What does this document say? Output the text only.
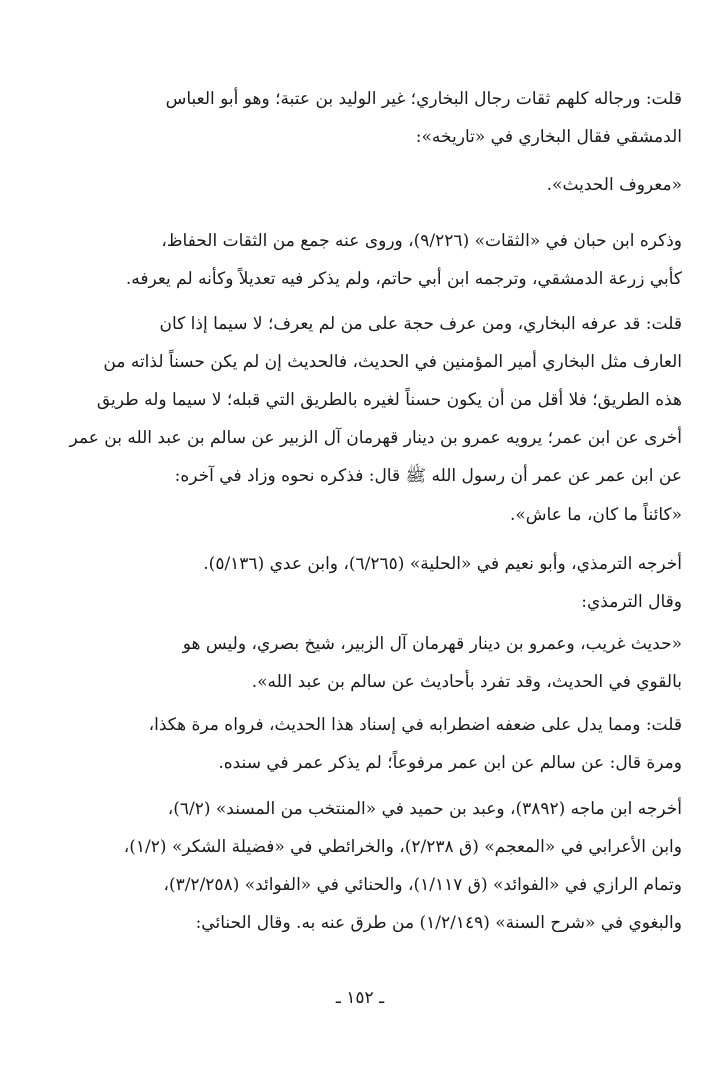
قلت: ورجاله كلهم ثقات رجال البخاري؛ غير الوليد بن عتبة؛ وهو أبو العباس
الدمشقي فقال البخاري في «تاريخه»:

«معروف الحديث».

وذكره ابن حبان في «الثقات» (٩/٢٢٦)، وروى عنه جمع من الثقات الحفاظ،
كأبي زرعة الدمشقي، وترجمه ابن أبي حاتم، ولم يذكر فيه تعديلاً وكأنه لم يعرفه.

قلت: قد عرفه البخاري، ومن عرف حجة على من لم يعرف؛ لا سيما إذا كان
العارف مثل البخاري أمير المؤمنين في الحديث، فالحديث إن لم يكن حسناً لذاته من
هذه الطريق؛ فلا أقل من أن يكون حسناً لغيره بالطريق التي قبله؛ لا سيما وله طريق
أخرى عن ابن عمر؛ يرويه عمرو بن دينار قهرمان آل الزبير عن سالم بن عبد الله بن عمر
عن ابن عمر عن عمر أن رسول الله ﷺ قال: فذكره نحوه وزاد في آخره:

«كائناً ما كان، ما عاش».

أخرجه الترمذي، وأبو نعيم في «الحلية» (٦/٢٦٥)، وابن عدي (٥/١٣٦).
وقال الترمذي:

«حديث غريب، وعمرو بن دينار قهرمان آل الزبير، شيخ بصري، وليس هو
بالقوي في الحديث، وقد تفرد بأحاديث عن سالم بن عبد الله».

قلت: ومما يدل على ضعفه اضطرابه في إسناد هذا الحديث، فرواه مرة هكذا،
ومرة قال: عن سالم عن ابن عمر مرفوعاً؛ لم يذكر عمر في سنده.

أخرجه ابن ماجه (٣٨٩٢)، وعبد بن حميد في «المنتخب من المسند» (٦/٢)،
وابن الأعرابي في «المعجم» (ق ٢/٢٣٨)، والخرائطي في «فضيلة الشكر» (١/٢)،
وتمام الرازي في «الفوائد» (ق ١/١١٧)، والحنائي في «الفوائد» (٣/٢/٢٥٨)،
والبغوي في «شرح السنة» (١/٢/١٤٩) من طرق عنه به. وقال الحنائي:

ـ ١٥٢ ـ
